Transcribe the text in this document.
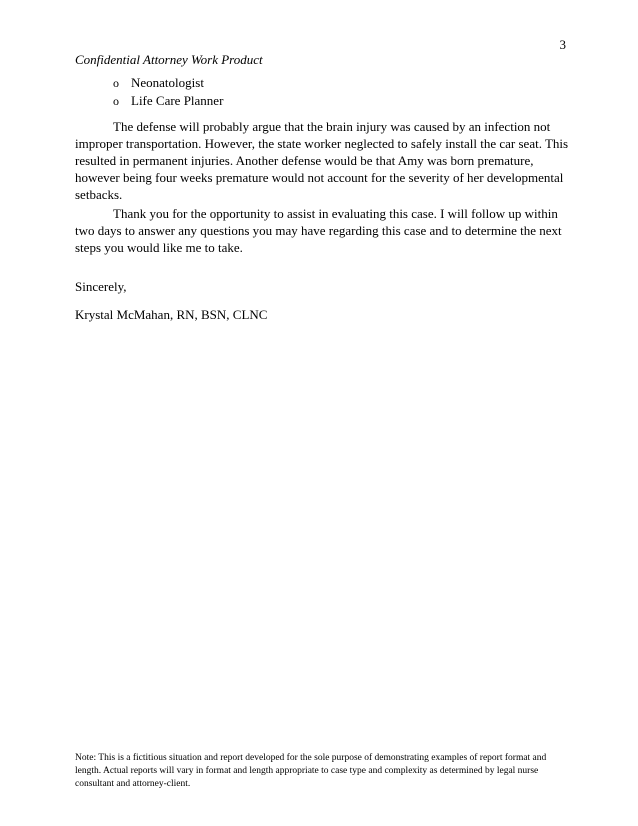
3
Confidential Attorney Work Product
o Neonatologist
o Life Care Planner

The defense will probably argue that the brain injury was caused by an infection not improper transportation. However, the state worker neglected to safely install the car seat. This resulted in permanent injuries. Another defense would be that Amy was born premature, however being four weeks premature would not account for the severity of her developmental setbacks.

Thank you for the opportunity to assist in evaluating this case. I will follow up within two days to answer any questions you may have regarding this case and to determine the next steps you would like me to take.

Sincerely,
Krystal McMahan, RN, BSN, CLNC

Note: This is a fictitious situation and report developed for the sole purpose of demonstrating examples of report format and length. Actual reports will vary in format and length appropriate to case type and complexity as determined by legal nurse consultant and attorney-client.
